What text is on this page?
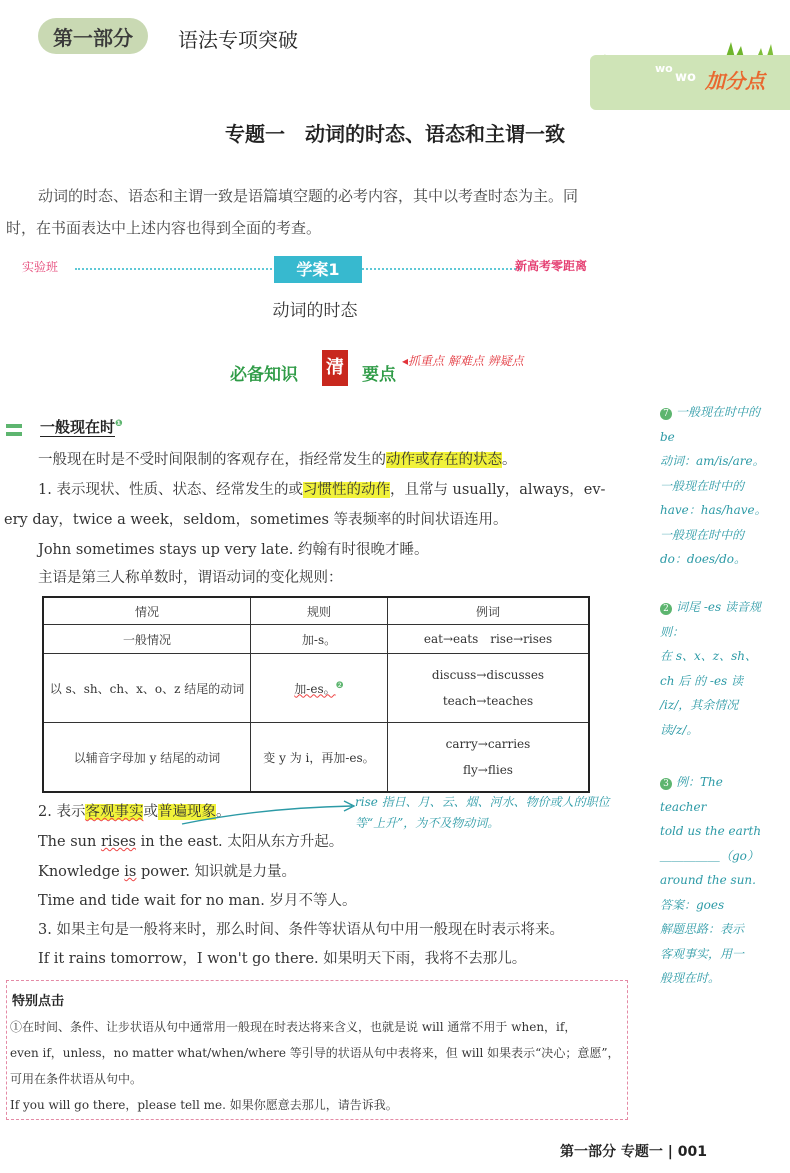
第一部分	语法专项突破
wo
wo 加分点
专题一　动词的时态、语态和主谓一致
动词的时态、语态和主谓一致是语篇填空题的必考内容，其中以考查时态为主。同
时，在书面表达中上述内容也得到全面的考查。
实验班	学案1	新高考零距离
动词的时态
必备知识 清 要点
◂抓重点 解难点 辨疑点
一般现在时$^❶$
一般现在时是不受时间限制的客观存在，指经常发生的动作或存在的状态。
1. 表示现状、性质、状态、经常发生的或习惯性的动作，且常与 usually，always，ev-
ery day，twice a week，seldom，sometimes 等表频率的时间状语连用。
John sometimes stays up very late. 约翰有时很晚才睡。
主语是第三人称单数时，谓语动词的变化规则：
情况	规则	例词
一般情况	加-s。	eat→eats　rise→rises

以 s、sh、ch、x、o、z 结尾的动词	加-es。$^❷$	discuss→discusses
teach→teaches

以辅音字母加 y 结尾的动词	变 y 为 i，再加-es。	carry→carries
fly→flies
2. 表示客观事实或普遍现象。
rise 指日、月、云、烟、河水、物价或人的职位等“上升”，为不及物动词。
The sun rises in the east. 太阳从东方升起。
Knowledge is power. 知识就是力量。
Time and tide wait for no man. 岁月不等人。
3. 如果主句是一般将来时，那么时间、条件等状语从句中用一般现在时表示将来。
If it rains tomorrow，I won't go there. 如果明天下雨，我将不去那儿。
7 一般现在时中的 be
动词：am/is/are。
一般现在时中的
have：has/have。
一般现在时中的
do：does/do。
2 词尾 -es 读音规则：
在 s、x、z、sh、
ch 后 的 -es 读
/iz/，其余情况
读/z/。
3 例：The teacher
told us the earth
＿＿＿＿＿（go）
around the sun.
答案：goes
解题思路：表示
客观事实，用一
般现在时。
特别点击
①在时间、条件、让步状语从句中通常用一般现在时表达将来含义，也就是说 will 通常不用于 when，if，
even if，unless，no matter what/when/where 等引导的状语从句中表将来，但 will 如果表示“决心；意愿”，
可用在条件状语从句中。
If you will go there，please tell me. 如果你愿意去那儿，请告诉我。
第一部分 专题一 | 001
